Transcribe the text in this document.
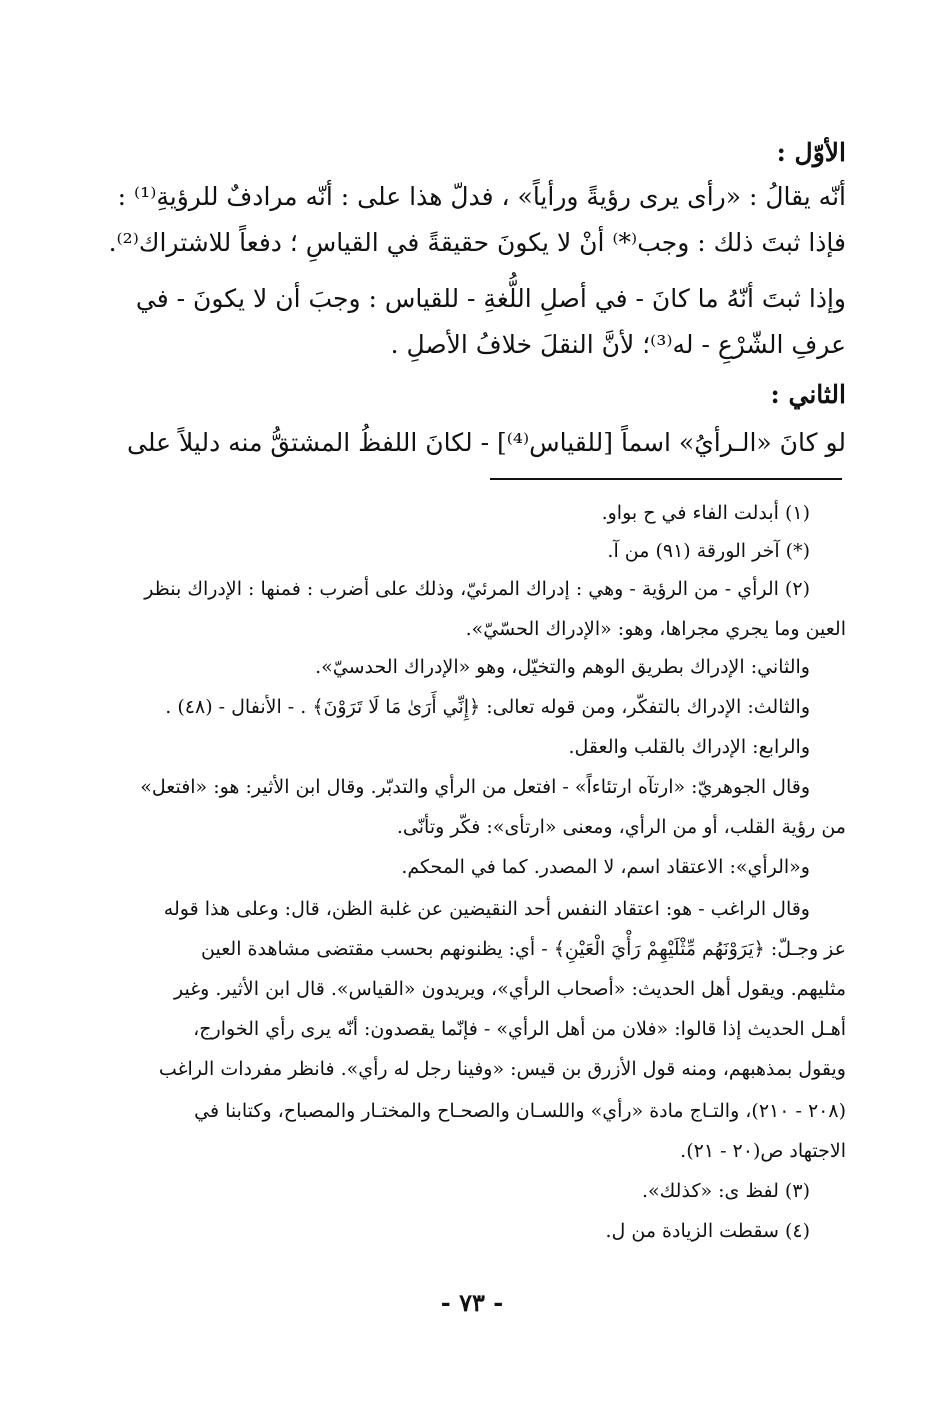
الأوّل :
أنّه يقالُ : «رأى يرى رؤيةً ورأياً» ، فدلّ هذا على : أنّه مرادفٌ للرؤيةِ⁽¹⁾ :
فإذا ثبتَ ذلك : وجب⁽*⁾ أنْ لا يكونَ حقيقةً في القياسِ ؛ دفعاً للاشتراك⁽²⁾.
وإذا ثبتَ أنّهُ ما كانَ - في أصلِ اللُّغةِ - للقياس : وجبَ أن لا يكونَ - في
عرفِ الشّرْعِ - له⁽³⁾؛ لأنَّ النقلَ خلافُ الأصلِ .
الثاني :
لو كانَ «الـرأيُ» اسماً [للقياس⁽⁴⁾] - لكانَ اللفظُ المشتقُّ منه دليلاً على
(١) أبدلت الفاء في ح بواو.
(*) آخر الورقة (٩١) من آ.
(٢) الرأي - من الرؤية - وهي : إدراك المرئيّ، وذلك على أضرب : فمنها : الإدراك بنظر
العين وما يجري مجراها، وهو: «الإدراك الحسّيّ».
والثاني: الإدراك بطريق الوهم والتخيّل، وهو «الإدراك الحدسيّ».
والثالث: الإدراك بالتفكّر، ومن قوله تعالى: ﴿إِنِّي أَرَىٰ مَا لَا تَرَوْنَ﴾ . - الأنفال - (٤٨) .
والرابع: الإدراك بالقلب والعقل.
وقال الجوهريّ: «ارتآه ارتئاءاً» - افتعل من الرأي والتدبّر. وقال ابن الأثير: هو: «افتعل»
من رؤية القلب، أو من الرأي، ومعنى «ارتأى»: فكّر وتأنّى.
و«الرأي»: الاعتقاد اسم، لا المصدر. كما في المحكم.
وقال الراغب - هو: اعتقاد النفس أحد النقيضين عن غلبة الظن، قال: وعلى هذا قوله
عز وجـلّ: ﴿يَرَوْنَهُم مِّثْلَيْهِمْ رَأْيَ الْعَيْنِ﴾ - أي: يظنونهم بحسب مقتضى مشاهدة العين
مثليهم. ويقول أهل الحديث: «أصحاب الرأي»، ويريدون «القياس». قال ابن الأثير. وغير
أهـل الحديث إذا قالوا: «فلان من أهل الرأي» - فإنّما يقصدون: أنّه يرى رأي الخوارج،
ويقول بمذهبهم، ومنه قول الأزرق بن قيس: «وفينا رجل له رأي». فانظر مفردات الراغب
(٢٠٨ - ٢١٠)، والتـاج مادة «رأي» واللسـان والصحـاح والمختـار والمصباح، وكتابنا في
الاجتهاد ص(٢٠ - ٢١).
(٣) لفظ ى: «كذلك».
(٤) سقطت الزيادة من ل.
- ٧٣ -
